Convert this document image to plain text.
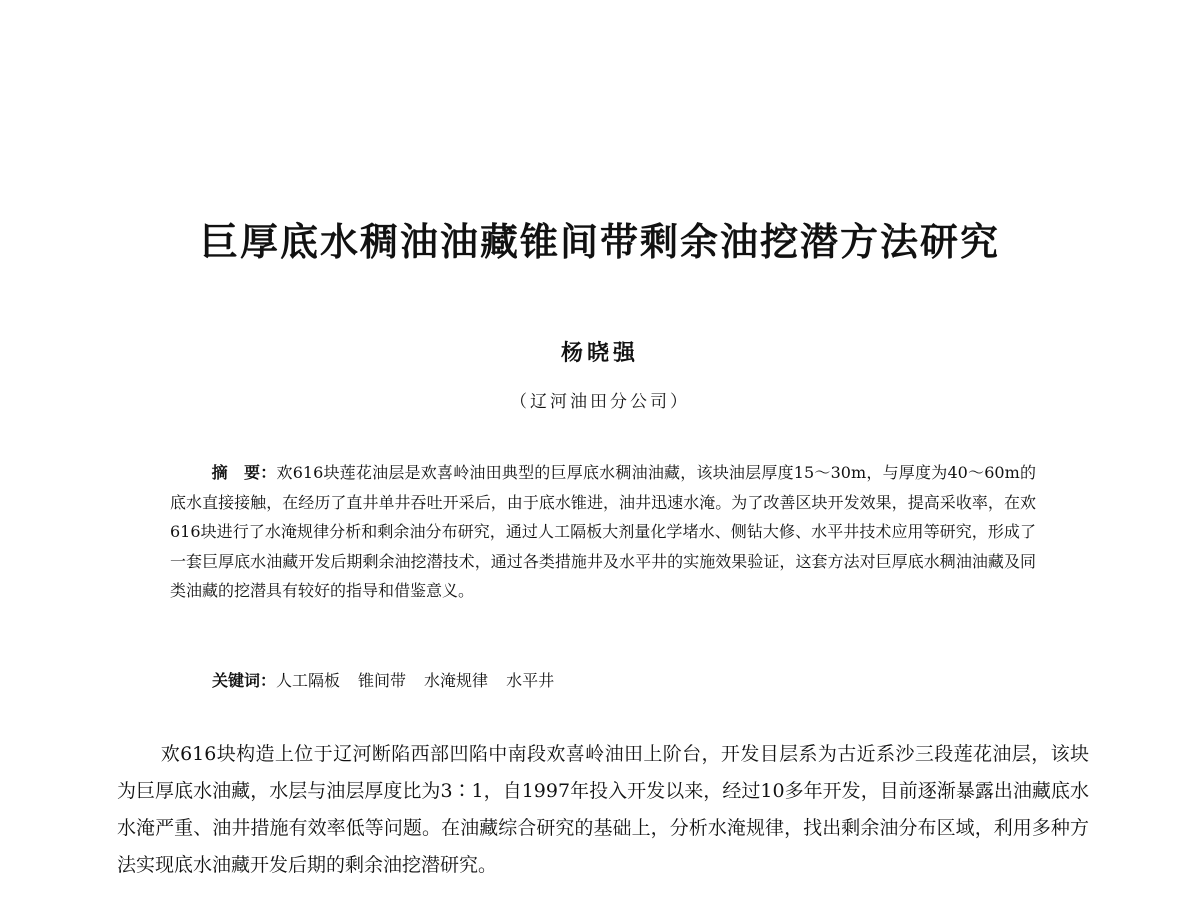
巨厚底水稠油油藏锥间带剩余油挖潜方法研究
杨晓强
（辽河油田分公司）

摘　要：欢616块莲花油层是欢喜岭油田典型的巨厚底水稠油油藏，该块油层厚度15～30m，与厚度为40～60m的底水直接接触，在经历了直井单井吞吐开采后，由于底水锥进，油井迅速水淹。为了改善区块开发效果，提高采收率，在欢616块进行了水淹规律分析和剩余油分布研究，通过人工隔板大剂量化学堵水、侧钻大修、水平井技术应用等研究，形成了一套巨厚底水油藏开发后期剩余油挖潜技术，通过各类措施井及水平井的实施效果验证，这套方法对巨厚底水稠油油藏及同类油藏的挖潜具有较好的指导和借鉴意义。

关键词：人工隔板 锥间带 水淹规律 水平井

欢616块构造上位于辽河断陷西部凹陷中南段欢喜岭油田上阶台，开发目层系为古近系沙三段莲花油层，该块为巨厚底水油藏，水层与油层厚度比为3∶1，自1997年投入开发以来，经过10多年开发，目前逐渐暴露出油藏底水水淹严重、油井措施有效率低等问题。在油藏综合研究的基础上，分析水淹规律，找出剩余油分布区域，利用多种方法实现底水油藏开发后期的剩余油挖潜研究。
